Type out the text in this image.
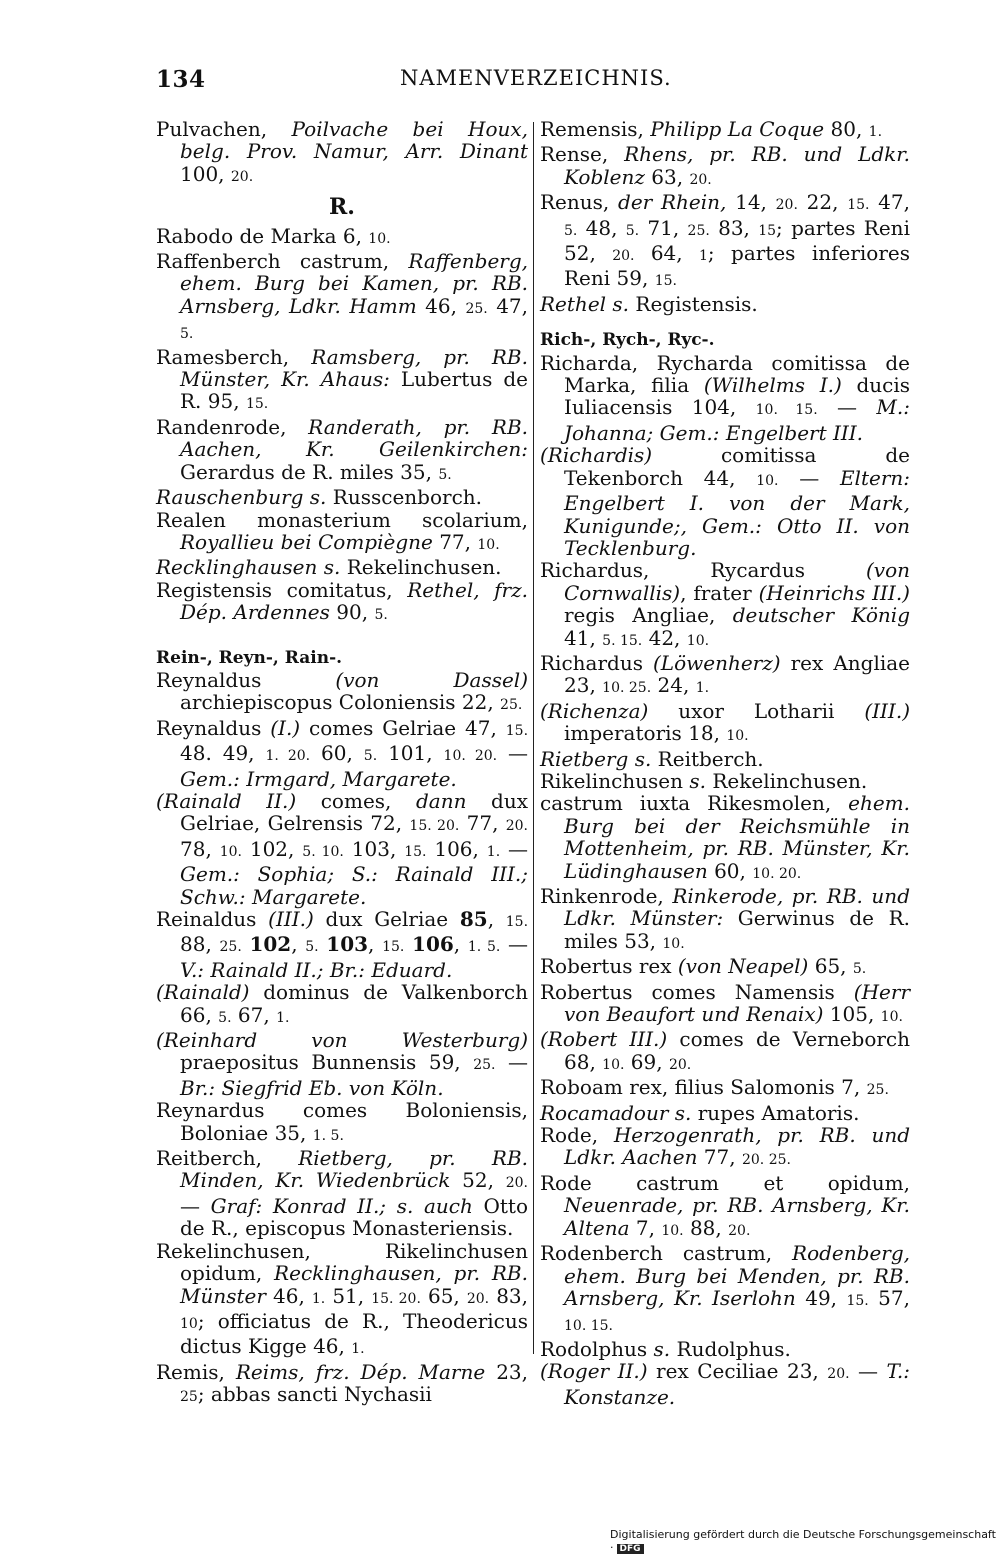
134	NAMENVERZEICHNIS.

Pulvachen, Poilvache bei Houx, belg. Prov. Namur, Arr. Dinant 100, 20.

R.

Rabodo de Marka 6, 10.

Raffenberch castrum, Raffenberg, ehem. Burg bei Kamen, pr. RB. Arnsberg, Ldkr. Hamm 46, 25. 47, 5.

Ramesberch, Ramsberg, pr. RB. Münster, Kr. Ahaus: Lubertus de R. 95, 15.

Randenrode, Randerath, pr. RB. Aachen, Kr. Geilenkirchen: Gerardus de R. miles 35, 5.

Rauschenburg s. Russcenborch.

Realen monasterium scolarium, Royallieu bei Compiègne 77, 10.

Recklinghausen s. Rekelinchusen.

Registensis comitatus, Rethel, frz. Dép. Ardennes 90, 5.

Rein-, Reyn-, Rain-.

Reynaldus (von Dassel) archiepiscopus Coloniensis 22, 25.

Reynaldus (I.) comes Gelriae 47, 15. 48. 49, 1. 20. 60, 5. 101, 10. 20. — Gem.: Irmgard, Margarete.

(Rainald II.) comes, dann dux Gelriae, Gelrensis 72, 15. 20. 77, 20. 78, 10. 102, 5. 10. 103, 15. 106, 1. — Gem.: Sophia; S.: Rainald III.; Schw.: Margarete.

Reinaldus (III.) dux Gelriae 85, 15. 88, 25. 102, 5. 103, 15. 106, 1. 5. — V.: Rainald II.; Br.: Eduard.

(Rainald) dominus de Valkenborch 66, 5. 67, 1.

(Reinhard von Westerburg) praepositus Bunnensis 59, 25. — Br.: Siegfrid Eb. von Köln.

Reynardus comes Boloniensis, Boloniae 35, 1. 5.

Reitberch, Rietberg, pr. RB. Minden, Kr. Wiedenbrück 52, 20. — Graf: Konrad II.; s. auch Otto de R., episcopus Monasteriensis.

Rekelinchusen, Rikelinchusen opidum, Recklinghausen, pr. RB. Münster 46, 1. 51, 15. 20. 65, 20. 83, 10; officiatus de R., Theodericus dictus Kigge 46, 1.

Remis, Reims, frz. Dép. Marne 23, 25; abbas sancti Nychasii

Remensis, Philipp La Coque 80, 1.

Rense, Rhens, pr. RB. und Ldkr. Koblenz 63, 20.

Renus, der Rhein, 14, 20. 22, 15. 47, 5. 48, 5. 71, 25. 83, 15; partes Reni 52, 20. 64, 1; partes inferiores Reni 59, 15.

Rethel s. Registensis.

Rich-, Rych-, Ryc-.

Richarda, Rycharda comitissa de Marka, filia (Wilhelms I.) ducis Iuliacensis 104, 10. 15. — M.: Johanna; Gem.: Engelbert III.

(Richardis) comitissa de Tekenborch 44, 10. — Eltern: Engelbert I. von der Mark, Kunigunde;, Gem.: Otto II. von Tecklenburg.

Richardus, Rycardus (von Cornwallis), frater (Heinrichs III.) regis Angliae, deutscher König 41, 5. 15. 42, 10.

Richardus (Löwenherz) rex Angliae 23, 10. 25. 24, 1.

(Richenza) uxor Lotharii (III.) imperatoris 18, 10.

Rietberg s. Reitberch.

Rikelinchusen s. Rekelinchusen.

castrum iuxta Rikesmolen, ehem. Burg bei der Reichsmühle in Mottenheim, pr. RB. Münster, Kr. Lüdinghausen 60, 10. 20.

Rinkenrode, Rinkerode, pr. RB. und Ldkr. Münster: Gerwinus de R. miles 53, 10.

Robertus rex (von Neapel) 65, 5.

Robertus comes Namensis (Herr von Beaufort und Renaix) 105, 10.

(Robert III.) comes de Verneborch 68, 10. 69, 20.

Roboam rex, filius Salomonis 7, 25.

Rocamadour s. rupes Amatoris.

Rode, Herzogenrath, pr. RB. und Ldkr. Aachen 77, 20. 25.

Rode castrum et opidum, Neuenrade, pr. RB. Arnsberg, Kr. Altena 7, 10. 88, 20.

Rodenberch castrum, Rodenberg, ehem. Burg bei Menden, pr. RB. Arnsberg, Kr. Iserlohn 49, 15. 57, 10. 15.

Rodolphus s. Rudolphus.

(Roger II.) rex Ceciliae 23, 20. — T.: Konstanze.

Digitalisierung gefördert durch die Deutsche Forschungsgemeinschaft · DFG
